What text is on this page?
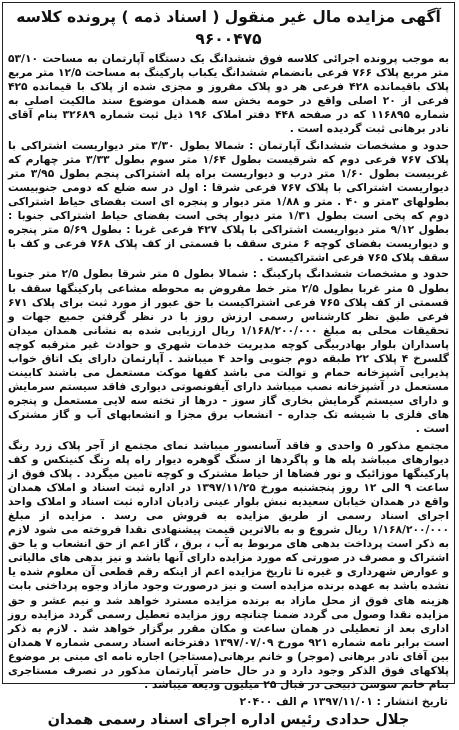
آگهی مزایده مال غیر منقول ( اسناد ذمه ) پرونده کلاسه ۹۶۰۰۴۷۵

به موجب پرونده اجرائی کلاسه فوق ششدانگ یک دستگاه آپارتمان به مساحت ۵۳/۱۰ متر مربع پلاک ۷۶۶ فرعی بانضمام ششدانگ یکباب پارکینگ به مساحت ۱۲/۵ متر مربع پلاک باقیمانده ۴۲۸ فرعی هر دو پلاک مفروز و مجزی شده از پلاک با قیمانده ۴۲۵ فرعی از ۲۰ اصلی واقع در حومه بخش سه همدان موضوع سند مالکیت اصلی به شماره ۱۱۶۸۹۵ که در صفحه ۴۴۸ دفتر املاک ۱۹۶ ذیل ثبت شماره ۳۲۶۸۹ بنام آقای نادر برهانی ثبت گردیده است .

حدود و مشخصات ششدانگ آپارتمان : شمالا بطول ۳/۳۰ متر دیواریست اشتراکی با پلاک ۷۶۷ فرعی دوم که شرقیست بطول ۱/۶۴ متر سوم بطول ۳/۳۳ متر چهارم که غربیست بطول ۱/۶۰ متر درب و دیواریست براه پله اشتراکی پنجم بطول ۳/۹۵ متر دیواریست اشتراکی با پلاک ۷۶۷ فرعی شرقا : اول در سه ضلع که دومی جنوبیست بطولهای ۳متر و ۴۰ . متر و ۱/۸۸ متر دیوار و پنجره ای است بفضای حیاط اشتراکی دوم که پخی است بطول ۱/۳۱ متر دیوار پخی است بفضای حیاط اشتراکی جنوبا : بطول ۹/۱۲ متر دیواریست اشتراکی با پلاک ۴۲۷ فرعی غربا : بطول ۵/۶۹ متر پنجره و دیواریست بفضای کوچه ۶ متری سقف با قسمتی از کف پلاک ۷۶۸ فرعی و کف با سقف پلاک ۷۶۵ فرعی اشتراکیست .

حدود و مشخصات ششدانگ پارکینگ : شمالا بطول ۵ متر شرقا بطول ۲/۵ متر جنوبا بطول ۵ متر غربا بطول ۲/۵ متر خط مفروض به محوطه مشاعی پارکینگها سقف با قسمتی از کف پلاک ۷۶۵ فرعی اشتراکیست با حق عبور از مورد ثبت برای پلاک ۶۷۱ فرعی طبق نظر کارشناس رسمی ارزش روز با در نظر گرفتن جمیع جهات و تحقیقات محلی به مبلغ ۱/۱۶۸/۲۰۰/۰۰۰ ریال ارزیابی شده به نشانی همدان میدان پاسداران بلوار بهادربیگی کوچه مدیریت خدمات شهری و حوادث غیر مترقبه کوچه گلسرخ ۴ پلاک ۲۲ طبقه دوم جنوبی واحد ۴ میباشد . آپارتمان دارای یک اتاق خواب پذیرایی آشپزخانه حمام و توالت می باشد کفها موکت مستعمل می باشند کابینت مستعمل در آشپزخانه نصب میباشد دارای آیفونصوتی دیواری فاقد سیستم سرمایش و دارای سیستم گرمایش بخاری گاز سوز - درها از تخته سه لایی مستعمل و پنجره های فلزی با شیشه تک جداره - انشعاب برق مجزا و انشعابهای آب و گاز مشترک است .

مجتمع مذکور ۵ واحدی و فاقد آسانسور میباشد نمای مجتمع از آجر پلاک زرد رنگ دیوارهای میباشد پله ها و پاگردها از سنگ گوهره دیوار راه پله رنگ کنیتکس و کف پارکینگها موزائیک و نور فضاها از حیاط مشترک و کوچه تامین میگردد . پلاک فوق از ساعت ۹ الی ۱۲ روز پنجشنبه مورخ ۱۳۹۷/۱۱/۲۵ در اداره ثبت اسناد و املاک همدان واقع در همدان خیابان سعیدیه نبش بلوار عینی زادیان اداره ثبت اسناد و املاک واحد اجرای اسناد رسمی از طریق مزایده به فروش می رسد . مزایده از مبلغ ۱/۱۶۸/۲۰۰/۰۰۰ ریال شروع و به بالاترین قیمت پیشنهادی نقدا فروخته می شود لازم به ذکر است پرداخت بدهی های مربوط به آب ، برق ، گاز اعم از حق انشعاب و یا حق اشتراک و مصرف در صورتی که مورد مزایده دارای آنها باشد و نیز بدهی های مالیاتی و عوارض شهرداری و غیره تا تاریخ مزایده اعم از اینکه رقم قطعی آن معلوم شده یا نشده باشد به عهده برنده مزایده است و نیز درصورت وجود مازاد وجوه پرداختی بابت هزینه های فوق از محل مازاد به برنده مزایده مسترد خواهد شد و نیم عشر و حق مزایده نقدا وصول می گردد ضمنا چنانچه روز مزایده تعطیل رسمی گردد مزایده روز اداری بعد از تعطیلی در همان ساعت و مکان مقرر برگزار خواهد شد . لازم به ذکر است برابر نامه شماره ۹۲۱ مورخ ۱۳۹۷/۰۷/۰۹ دفترخانه اسناد رسمی شماره ۷ همدان بین آقای نادر برهانی (موجر) و خانم برهانی(مستاجر) اجاره نامه ای مبنی بر موضوع پلاکهای فوق الذکر وجود دارد و در حال حاضر آپارتمان مذکور در تصرف مستاجری بنام خانم سوسن ذبیحی در قبال ۲۵ میلیون ودیعه میباشد .

تاریخ انتشار : ۱۳۹۷/۱۱/۰۱ م الف ۲۰۴۰۰
جلال حدادی رئیس اداره اجرای اسناد رسمی همدان
